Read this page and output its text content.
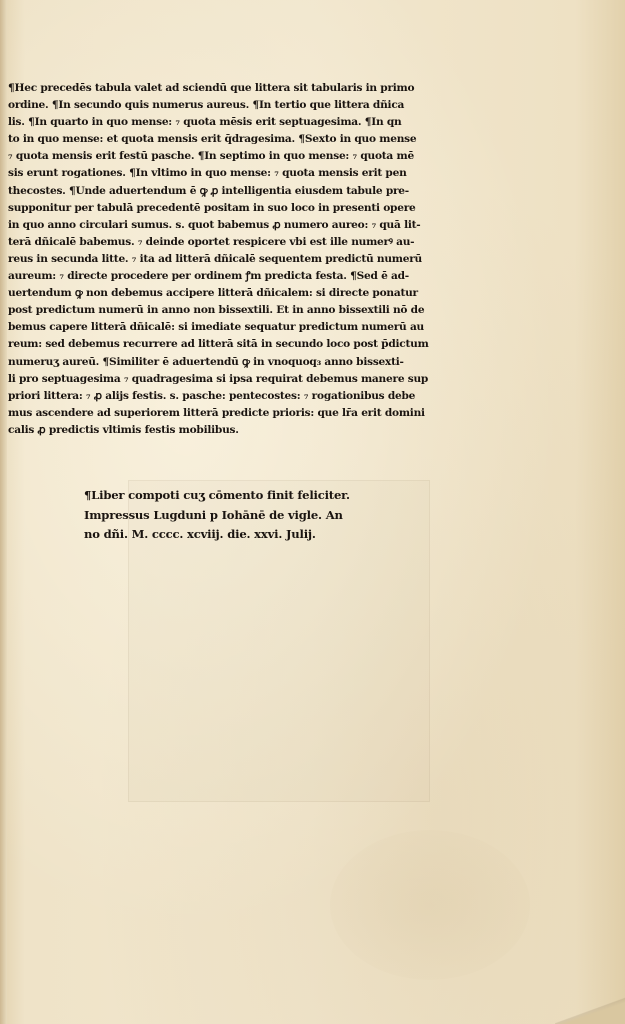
¶Hec precedēs tabula valet ad sciendū que littera sit tabularis in primo
ordine. ¶In secundo quis numerus aureus. ¶In tertio que littera dñica
lis. ¶In quarto in quo mense: ₇ quota mēsis erit septuagesima. ¶In qn
to in quo mense: et quota mensis erit q̄dragesima. ¶Sexto in quo mense
₇ quota mensis erit festū pasche. ¶In septimo in quo mense: ₇ quota mē
sis erunt rogationes. ¶In vltimo in quo mense: ₇ quota mensis erit pen
thecostes. ¶Unde aduertendum ē ꝙ ꝓ intelligentia eiusdem tabule pre-
supponitur per tabulā precedentē positam in suo loco in presenti opere
in quo anno circulari sumus. s. quot babemus ꝓ numero aureo: ₇ quā lit-
terā dñicalē babemus. ₇ deinde oportet respicere vbi est ille numerꝰ au-
reus in secunda litte. ₇ ita ad litterā dñicalē sequentem predictū numerū
aureum: ₇ directe procedere per ordinem ꝭm predicta festa. ¶Sed ē ad-
uertendum ꝙ non debemus accipere litterā dñicalem: si directe ponatur
post predictum numerū in anno non bissextili. Et in anno bissextili nō de
bemus capere litterā dñicalē: si imediate sequatur predictum numerū au
reum: sed debemus recurrere ad litterā sitā in secundo loco post p̄dictum
numeruʒ aureū. ¶Similiter ē aduertendū ꝙ in vnoquoq₃ anno bissexti-
li pro septuagesima ₇ quadragesima si ipsa requirat debemus manere sup
priori littera: ₇ ꝓ alijs festis. s. pasche: pentecostes: ₇ rogationibus debe
mus ascendere ad superiorem litterā predicte prioris: que lr̄a erit domini
calis ꝓ predictis vltimis festis mobilibus.
¶Liber compoti cuʒ cōmento finit feliciter.
Impressus Lugduni p Iohānē de vigle. An
no dñi. M. cccc. xcviij. die. xxvi. Julij.
